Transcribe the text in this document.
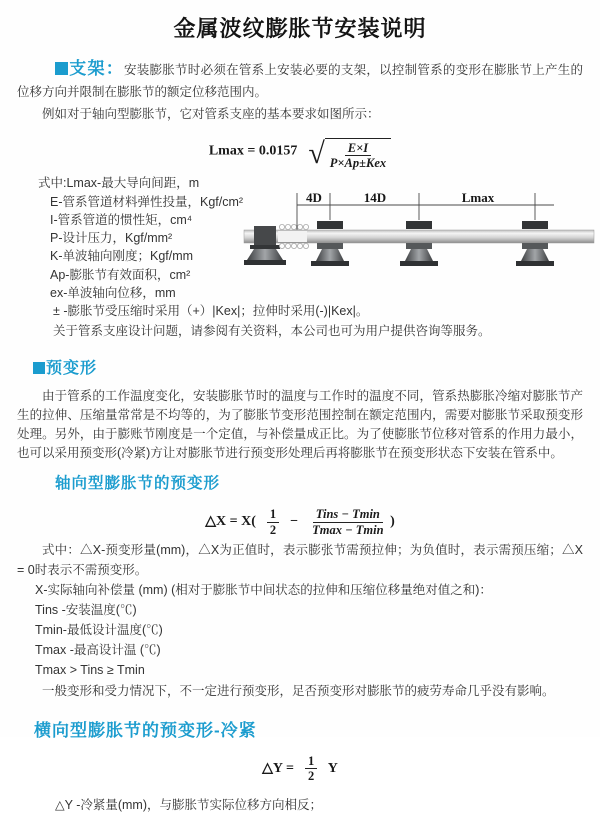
金属波纹膨胀节安装说明

支架：安装膨胀节时必须在管系上安装必要的支架，以控制管系的变形在膨胀节上产生的位移方向并限制在膨胀节的额定位移范围内。

例如对于轴向型膨胀节，它对管系支座的基本要求如图所示：

Lmax = 0.0157 √ $\frac{E\times I}{\text{P×Ap±Kex}}$
式中:Lmax-最大导向间距，m
E-管系管道材料弹性投量，Kgf/cm²
I-管系管道的惯性矩，cm⁴
P-设计压力，Kgf/mm²
K-单波轴向刚度；Kgf/mm
Ap-膨胀节有效面积，cm²
ex-单波轴向位移，mm
± -膨胀节受压缩时采用（+）|Kex|；拉伸时采用(-)|Kex|。
关于管系支座设计问题，请参阅有关资料，本公司也可为用户提供咨询等服务。
4D	14D	Lmax

预变形

由于管系的工作温度变化，安装膨胀节时的温度与工作时的温度不同，管系热膨胀冷缩对膨胀节产生的拉伸、压缩量常常是不均等的，为了膨胀节变形范围控制在额定范围内，需要对膨胀节采取预变形处理。另外，由于膨账节刚度是一个定值，与补偿量成正比。为了使膨胀节位移对管系的作用力最小，也可以采用预变形(冷紧)方让对膨胀节进行预变形处理后再将膨胀节在预变形状态下安装在管系中。

轴向型膨胀节的预变形
△X = $X( \frac{1}{2} - \frac{\text{Tins − Tmin}}{Tmax - Tmin}$ )
式中：△X-预变形量(mm)，△X为正值时，表示膨张节需预拉伸；为负值时，表示需预压缩；△X = 0时表示不需预变形。
X-实际轴向补偿量 (mm) (相对于膨胀节中间状态的拉伸和压缩位移量绝对值之和)：
Tins -安装温度(℃)
Tmin-最低设计温度(℃)
Tmax -最高设计温 (℃)
Tmax > Tins ≥ Tmin
一般变形和受力情况下，不一定进行预变形，足否预变形对膨胀节的疲劳寿命几乎没有影响。
横向型膨胀节的预变形-冷紧
△Y = $\frac{1}{2}$ Y
△Y -冷紧量(mm)，与膨胀节实际位移方向相反；
